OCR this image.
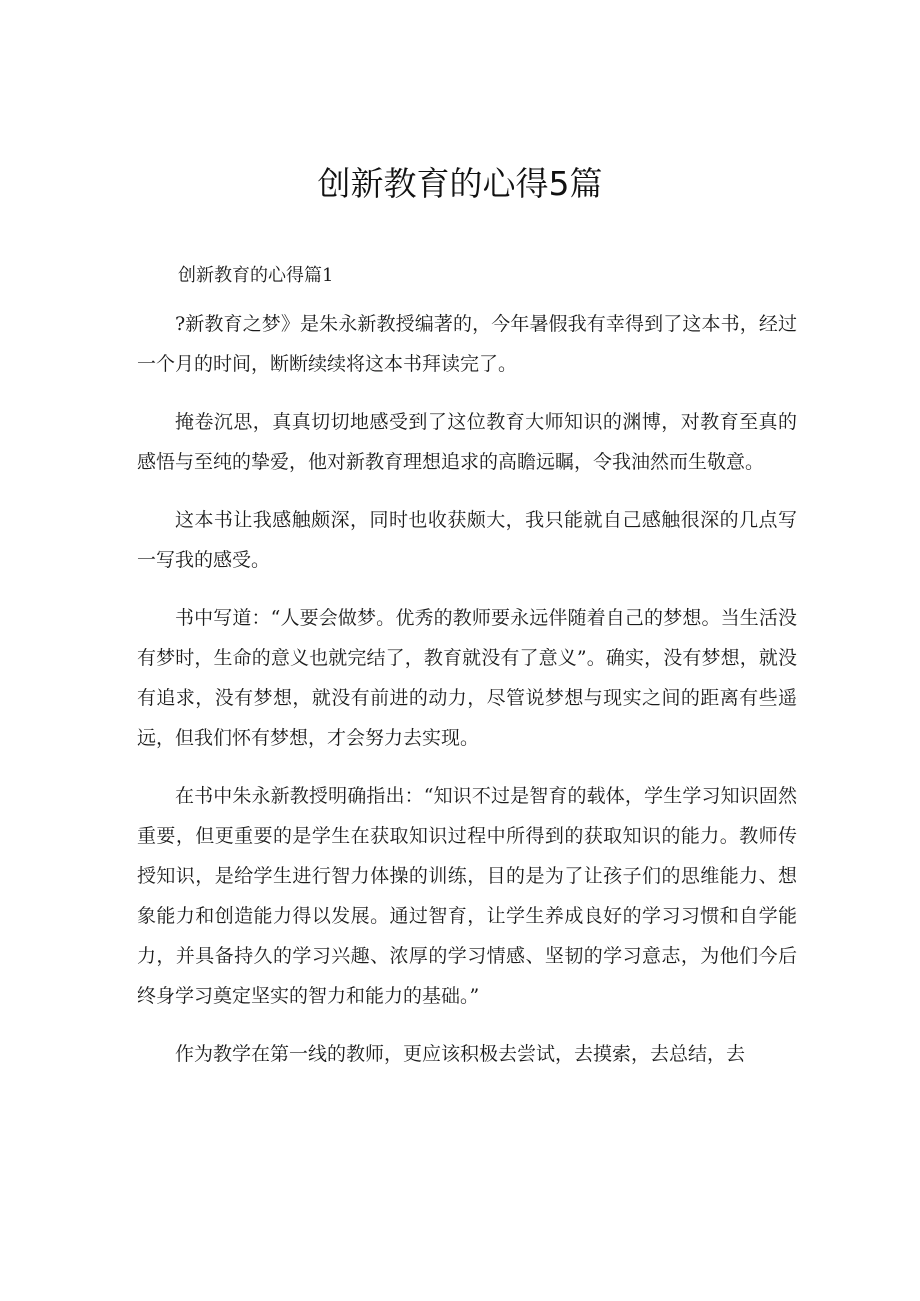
创新教育的心得5篇
创新教育的心得篇1

?新教育之梦》是朱永新教授编著的，今年暑假我有幸得到了这本书，经过一个月的时间，断断续续将这本书拜读完了。

掩卷沉思，真真切切地感受到了这位教育大师知识的渊博，对教育至真的感悟与至纯的挚爱，他对新教育理想追求的高瞻远瞩，令我油然而生敬意。

这本书让我感触颇深，同时也收获颇大，我只能就自己感触很深的几点写一写我的感受。

书中写道：“人要会做梦。优秀的教师要永远伴随着自己的梦想。当生活没有梦时，生命的意义也就完结了，教育就没有了意义”。确实，没有梦想，就没有追求，没有梦想，就没有前进的动力，尽管说梦想与现实之间的距离有些遥远，但我们怀有梦想，才会努力去实现。

在书中朱永新教授明确指出：“知识不过是智育的载体，学生学习知识固然重要，但更重要的是学生在获取知识过程中所得到的获取知识的能力。教师传授知识，是给学生进行智力体操的训练，目的是为了让孩子们的思维能力、想象能力和创造能力得以发展。通过智育，让学生养成良好的学习习惯和自学能力，并具备持久的学习兴趣、浓厚的学习情感、坚韧的学习意志，为他们今后终身学习奠定坚实的智力和能力的基础。”

作为教学在第一线的教师，更应该积极去尝试，去摸索，去总结，去
